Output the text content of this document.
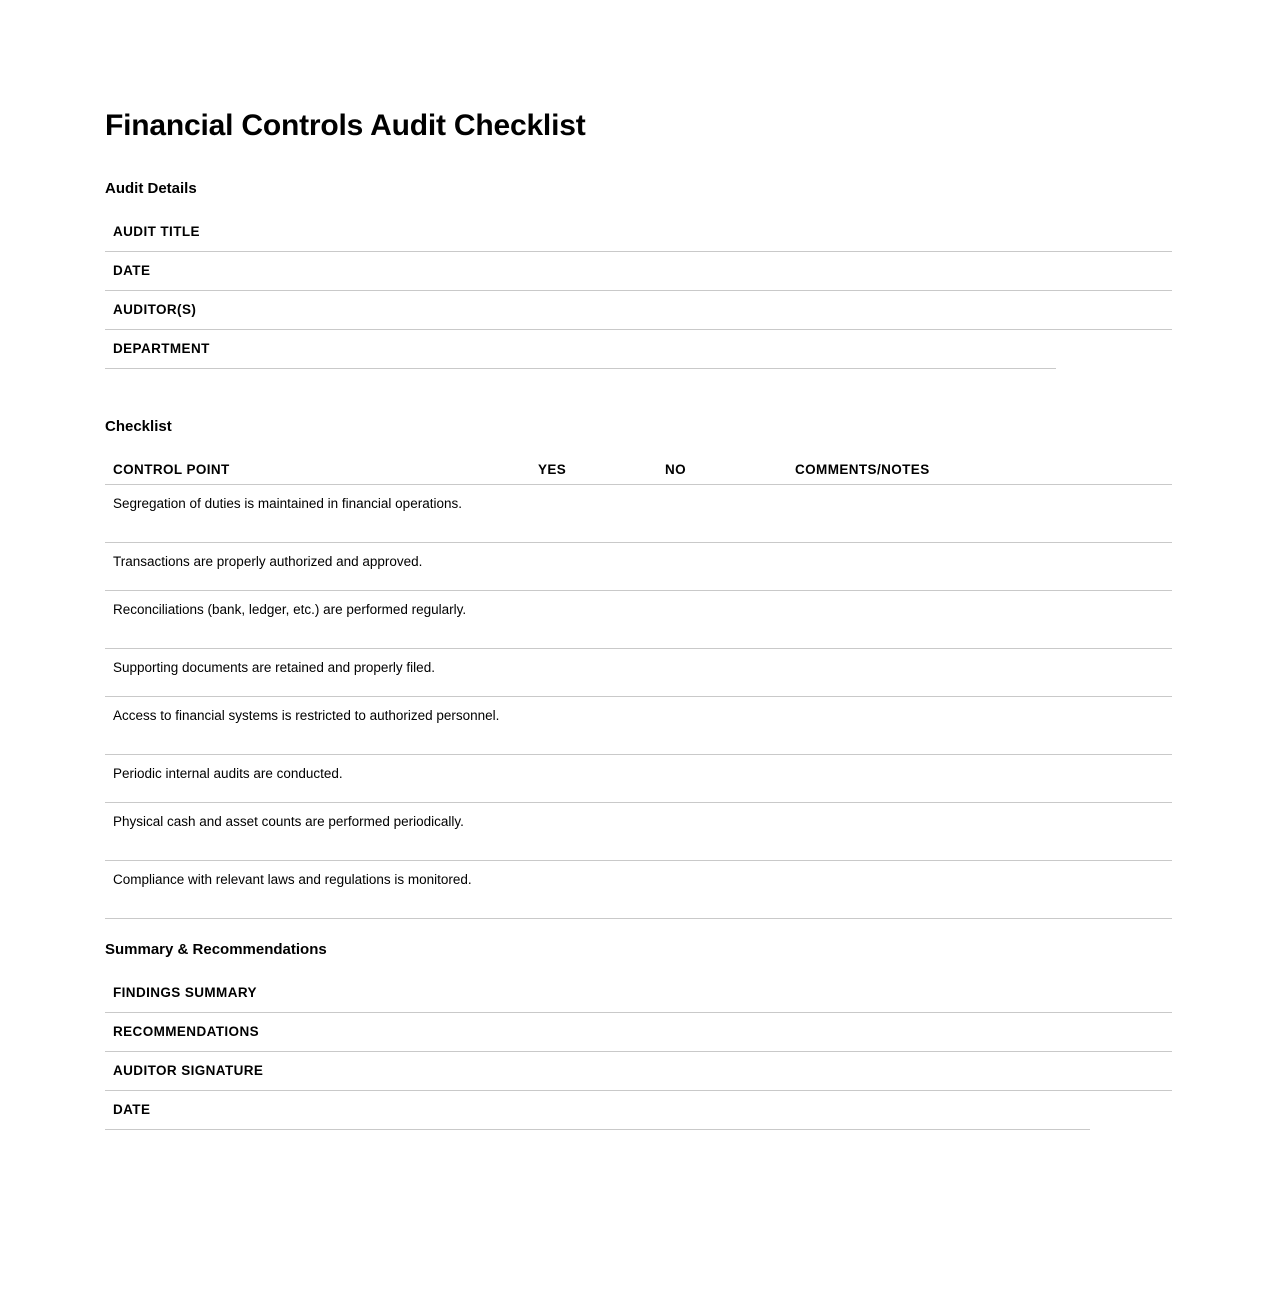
Financial Controls Audit Checklist
Audit Details
AUDIT TITLE
DATE
AUDITOR(S)
DEPARTMENT
Checklist
CONTROL POINT	YES	NO	COMMENTS/NOTES
Segregation of duties is maintained in financial operations.
Transactions are properly authorized and approved.
Reconciliations (bank, ledger, etc.) are performed regularly.
Supporting documents are retained and properly filed.
Access to financial systems is restricted to authorized personnel.
Periodic internal audits are conducted.
Physical cash and asset counts are performed periodically.
Compliance with relevant laws and regulations is monitored.
Summary & Recommendations
FINDINGS SUMMARY
RECOMMENDATIONS
AUDITOR SIGNATURE
DATE
